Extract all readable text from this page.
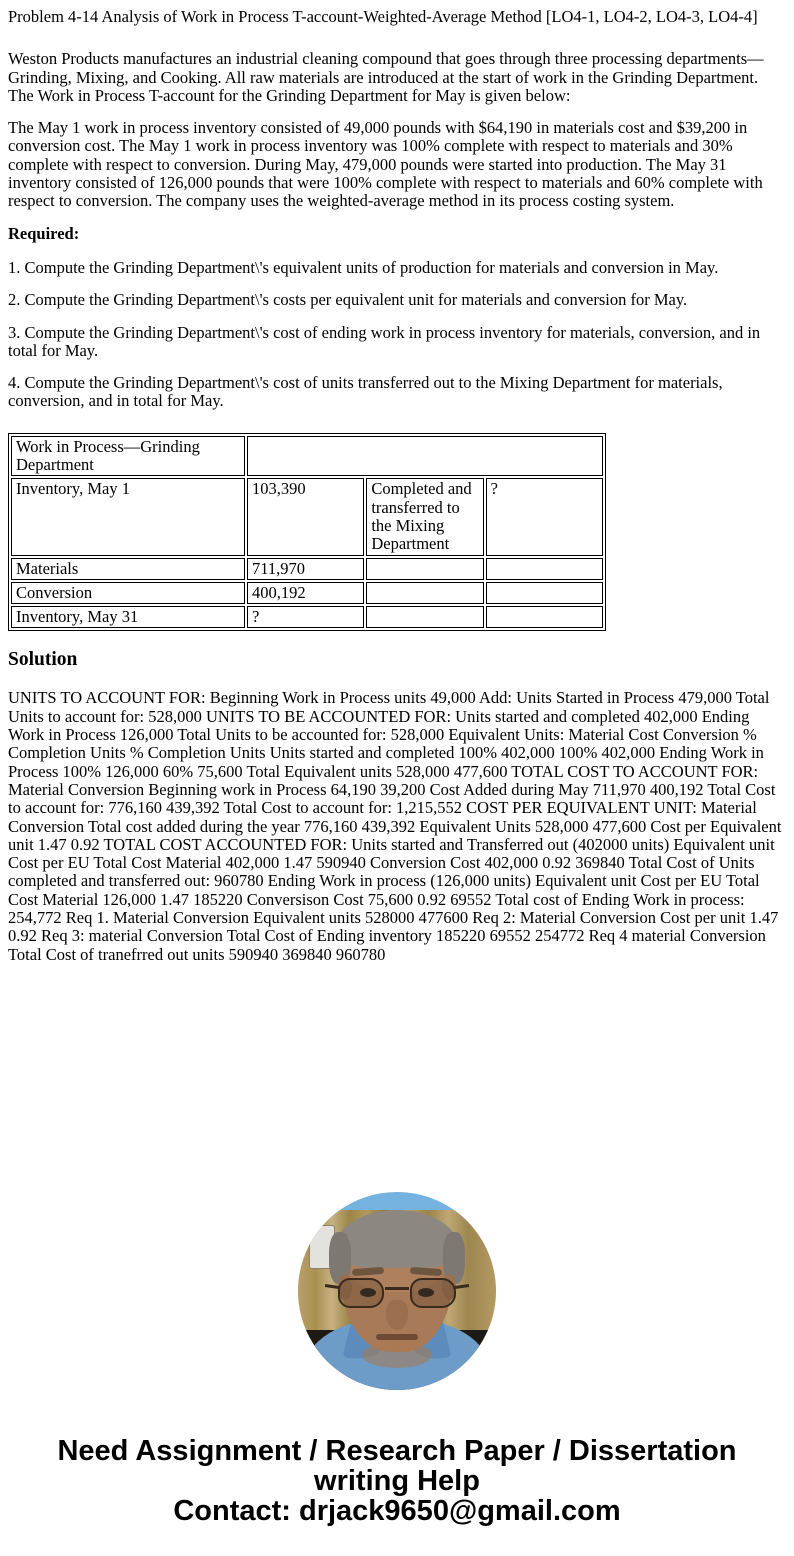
Problem 4-14 Analysis of Work in Process T-account-Weighted-Average Method [LO4-1, LO4-2, LO4-3, LO4-4]

Weston Products manufactures an industrial cleaning compound that goes through three processing departments—Grinding, Mixing, and Cooking. All raw materials are introduced at the start of work in the Grinding Department. The Work in Process T-account for the Grinding Department for May is given below:

The May 1 work in process inventory consisted of 49,000 pounds with $64,190 in materials cost and $39,200 in conversion cost. The May 1 work in process inventory was 100% complete with respect to materials and 30% complete with respect to conversion. During May, 479,000 pounds were started into production. The May 31 inventory consisted of 126,000 pounds that were 100% complete with respect to materials and 60% complete with respect to conversion. The company uses the weighted-average method in its process costing system.

Required:

1. Compute the Grinding Department\'s equivalent units of production for materials and conversion in May.

2. Compute the Grinding Department\'s costs per equivalent unit for materials and conversion for May.

3. Compute the Grinding Department\'s cost of ending work in process inventory for materials, conversion, and in total for May.

4. Compute the Grinding Department\'s cost of units transferred out to the Mixing Department for materials, conversion, and in total for May.

Work in Process—Grinding Department			
Inventory, May 1	103,390	Completed and transferred to the Mixing Department	?
Materials	711,970		
Conversion	400,192		
Inventory, May 31	?		
Solution

UNITS TO ACCOUNT FOR: Beginning Work in Process units 49,000 Add: Units Started in Process 479,000 Total Units to account for: 528,000 UNITS TO BE ACCOUNTED FOR: Units started and completed 402,000 Ending Work in Process 126,000 Total Units to be accounted for: 528,000 Equivalent Units: Material Cost Conversion % Completion Units % Completion Units Units started and completed 100% 402,000 100% 402,000 Ending Work in Process 100% 126,000 60% 75,600 Total Equivalent units 528,000 477,600 TOTAL COST TO ACCOUNT FOR: Material Conversion Beginning work in Process 64,190 39,200 Cost Added during May 711,970 400,192 Total Cost to account for: 776,160 439,392 Total Cost to account for: 1,215,552 COST PER EQUIVALENT UNIT: Material Conversion Total cost added during the year 776,160 439,392 Equivalent Units 528,000 477,600 Cost per Equivalent unit 1.47 0.92 TOTAL COST ACCOUNTED FOR: Units started and Transferred out (402000 units) Equivalent unit Cost per EU Total Cost Material 402,000 1.47 590940 Conversion Cost 402,000 0.92 369840 Total Cost of Units completed and transferred out: 960780 Ending Work in process (126,000 units) Equivalent unit Cost per EU Total Cost Material 126,000 1.47 185220 Conversison Cost 75,600 0.92 69552 Total cost of Ending Work in process: 254,772 Req 1. Material Conversion Equivalent units 528000 477600 Req 2: Material Conversion Cost per unit 1.47 0.92 Req 3: material Conversion Total Cost of Ending inventory 185220 69552 254772 Req 4 material Conversion Total Cost of tranefrred out units 590940 369840 960780

Need Assignment / Research Paper / Dissertation
writing Help
Contact: drjack9650@gmail.com
